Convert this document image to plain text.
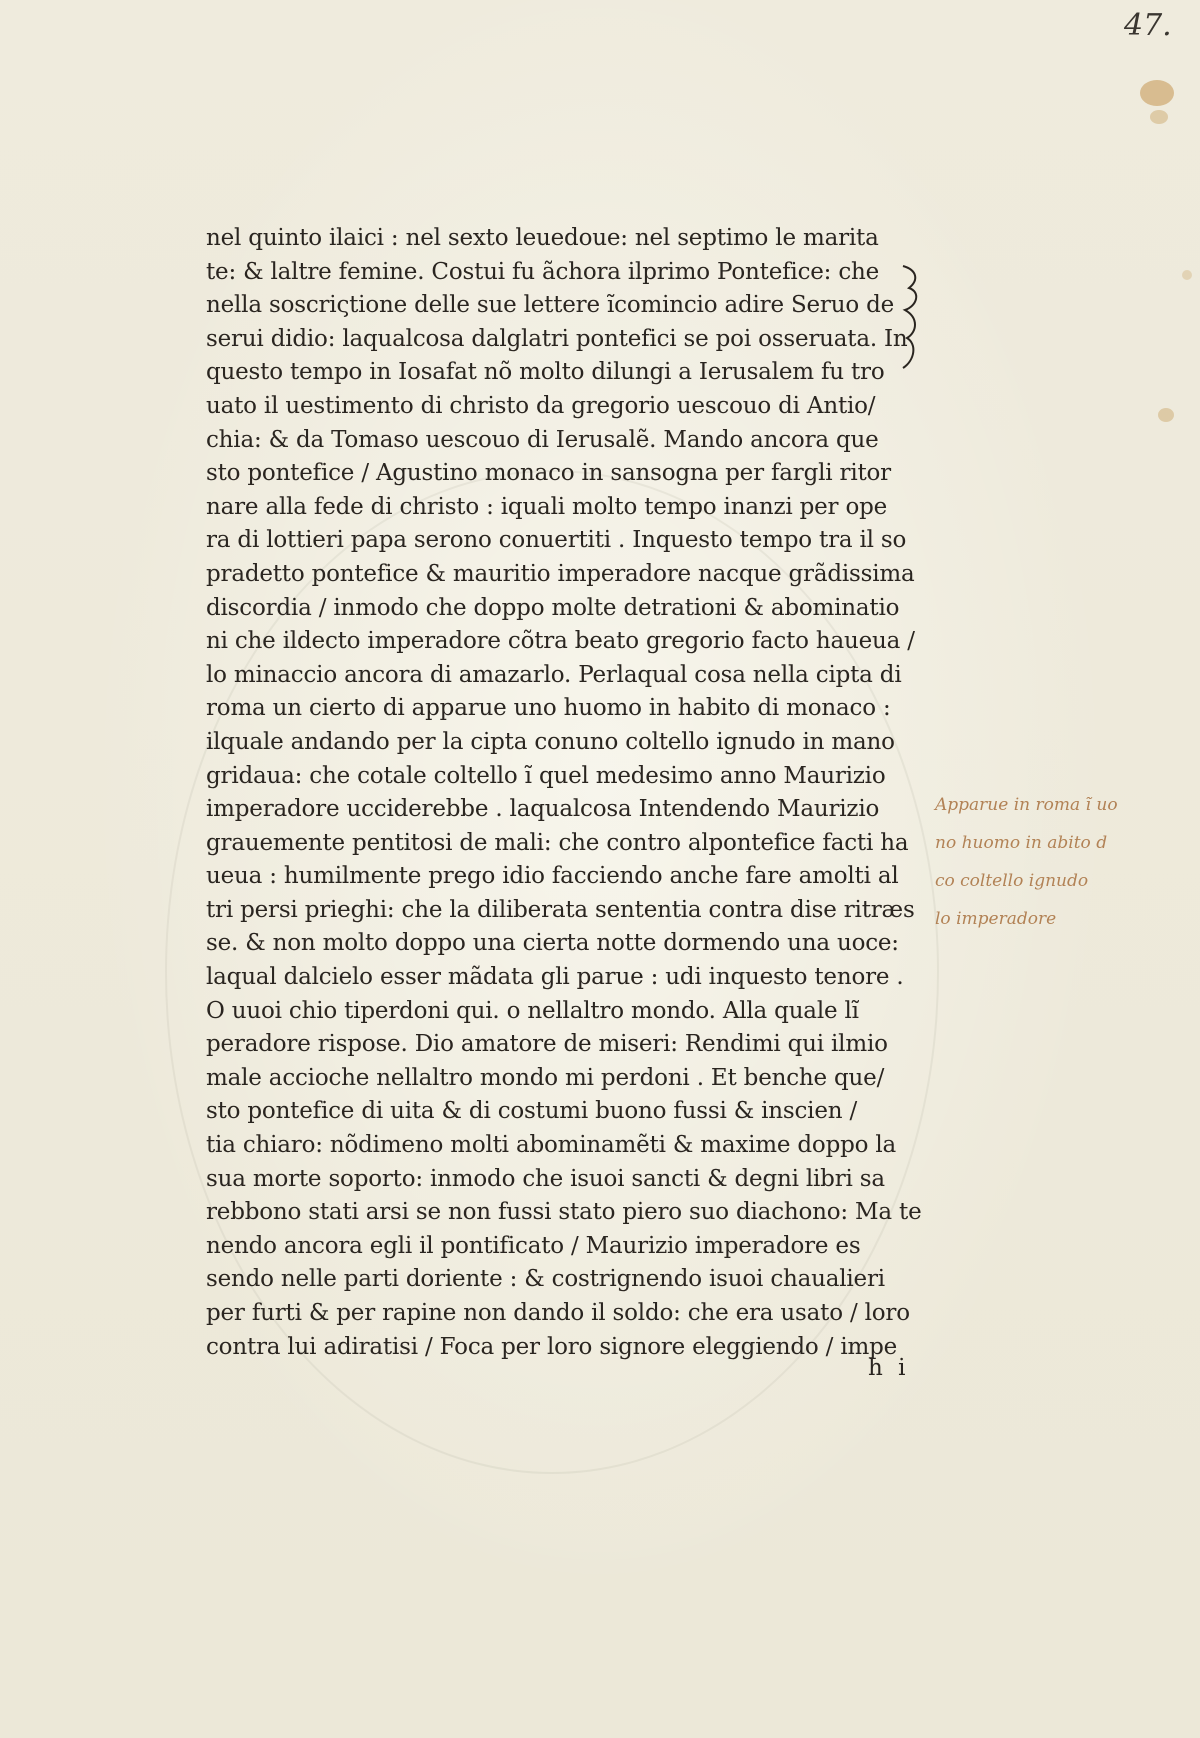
47.
nel quinto ilaici : nel sexto leuedoue: nel septimo le marita
te: & laltre femine. Costui fu ãchora ilprimo Pontefice: che
nella soscriςtione delle sue lettere ĩcomincio adire Seruo de
serui didio: laqualcosa dalglatri pontefici se poi osseruata. In
questo tempo in Iosafat nõ molto dilungi a Ierusalem fu tro
uato il uestimento di christo da gregorio uescouo di Antio/
chia: & da Tomaso uescouo di Ierusalẽ. Mando ancora que
sto pontefice / Agustino monaco in sansogna per fargli ritor
nare alla fede di christo : iquali molto tempo inanzi per ope
ra di lottieri papa serono conuertiti . Inquesto tempo tra il so
pradetto pontefice & mauritio imperadore nacque grãdissima
discordia / inmodo che doppo molte detrationi & abominatio
ni che ildecto imperadore cõtra beato gregorio facto haueua /
lo minaccio ancora di amazarlo. Perlaqual cosa nella cipta di
roma un cierto di apparue uno huomo in habito di monaco :
ilquale andando per la cipta conuno coltello ignudo in mano
gridaua: che cotale coltello ĩ quel medesimo anno Maurizio
imperadore ucciderebbe . laqualcosa Intendendo Maurizio
grauemente pentitosi de mali: che contro alpontefice facti ha
ueua : humilmente prego idio facciendo anche fare amolti al
tri persi prieghi: che la diliberata sententia contra dise ritræs
se. & non molto doppo una cierta notte dormendo una uoce:
laqual dalcielo esser mãdata gli parue : udi inquesto tenore .
O uuoi chio tiperdoni qui. o nellaltro mondo. Alla quale lĩ
peradore rispose. Dio amatore de miseri: Rendimi qui ilmio
male accioche nellaltro mondo mi perdoni . Et benche que/
sto pontefice di uita & di costumi buono fussi & inscien /
tia chiaro: nõdimeno molti abominamẽti & maxime doppo la
sua morte soporto: inmodo che isuoi sancti & degni libri sa
rebbono stati arsi se non fussi stato piero suo diachono: Ma te
nendo ancora egli il pontificato / Maurizio imperadore es
sendo nelle parti doriente : & costrignendo isuoi chaualieri
per furti & per rapine non dando il soldo: che era usato / loro
contra lui adiratisi / Foca per loro signore eleggiendo / impe
h i
Apparue in roma ĩ uo
no huomo in abito d
co coltello ignudo
lo imperadore
